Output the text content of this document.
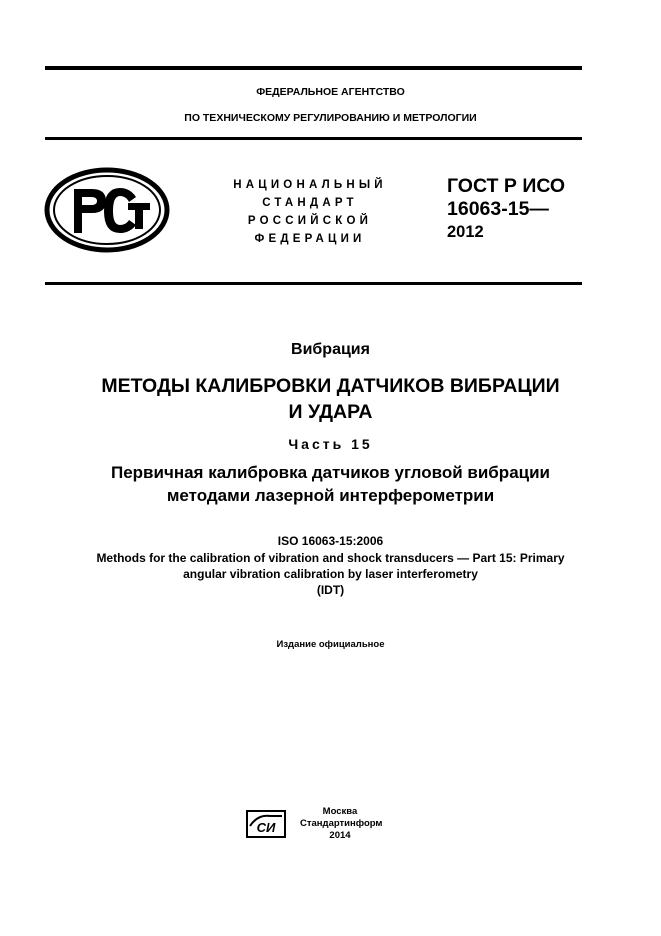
ФЕДЕРАЛЬНОЕ АГЕНТСТВО
ПО ТЕХНИЧЕСКОМУ РЕГУЛИРОВАНИЮ И МЕТРОЛОГИИ
НАЦИОНАЛЬНЫЙ
СТАНДАРТ
РОССИЙСКОЙ
ФЕДЕРАЦИИ
ГОСТ Р ИСО
16063-15—
2012
Вибрация
МЕТОДЫ КАЛИБРОВКИ ДАТЧИКОВ ВИБРАЦИИ
И УДАРА
Часть 15
Первичная калибровка датчиков угловой вибрации
методами лазерной интерферометрии
ISO 16063-15:2006
Methods for the calibration of vibration and shock transducers — Part 15: Primary
angular vibration calibration by laser interferometry
(IDT)
Издание официальное
СИ
Москва
Стандартинформ
2014
